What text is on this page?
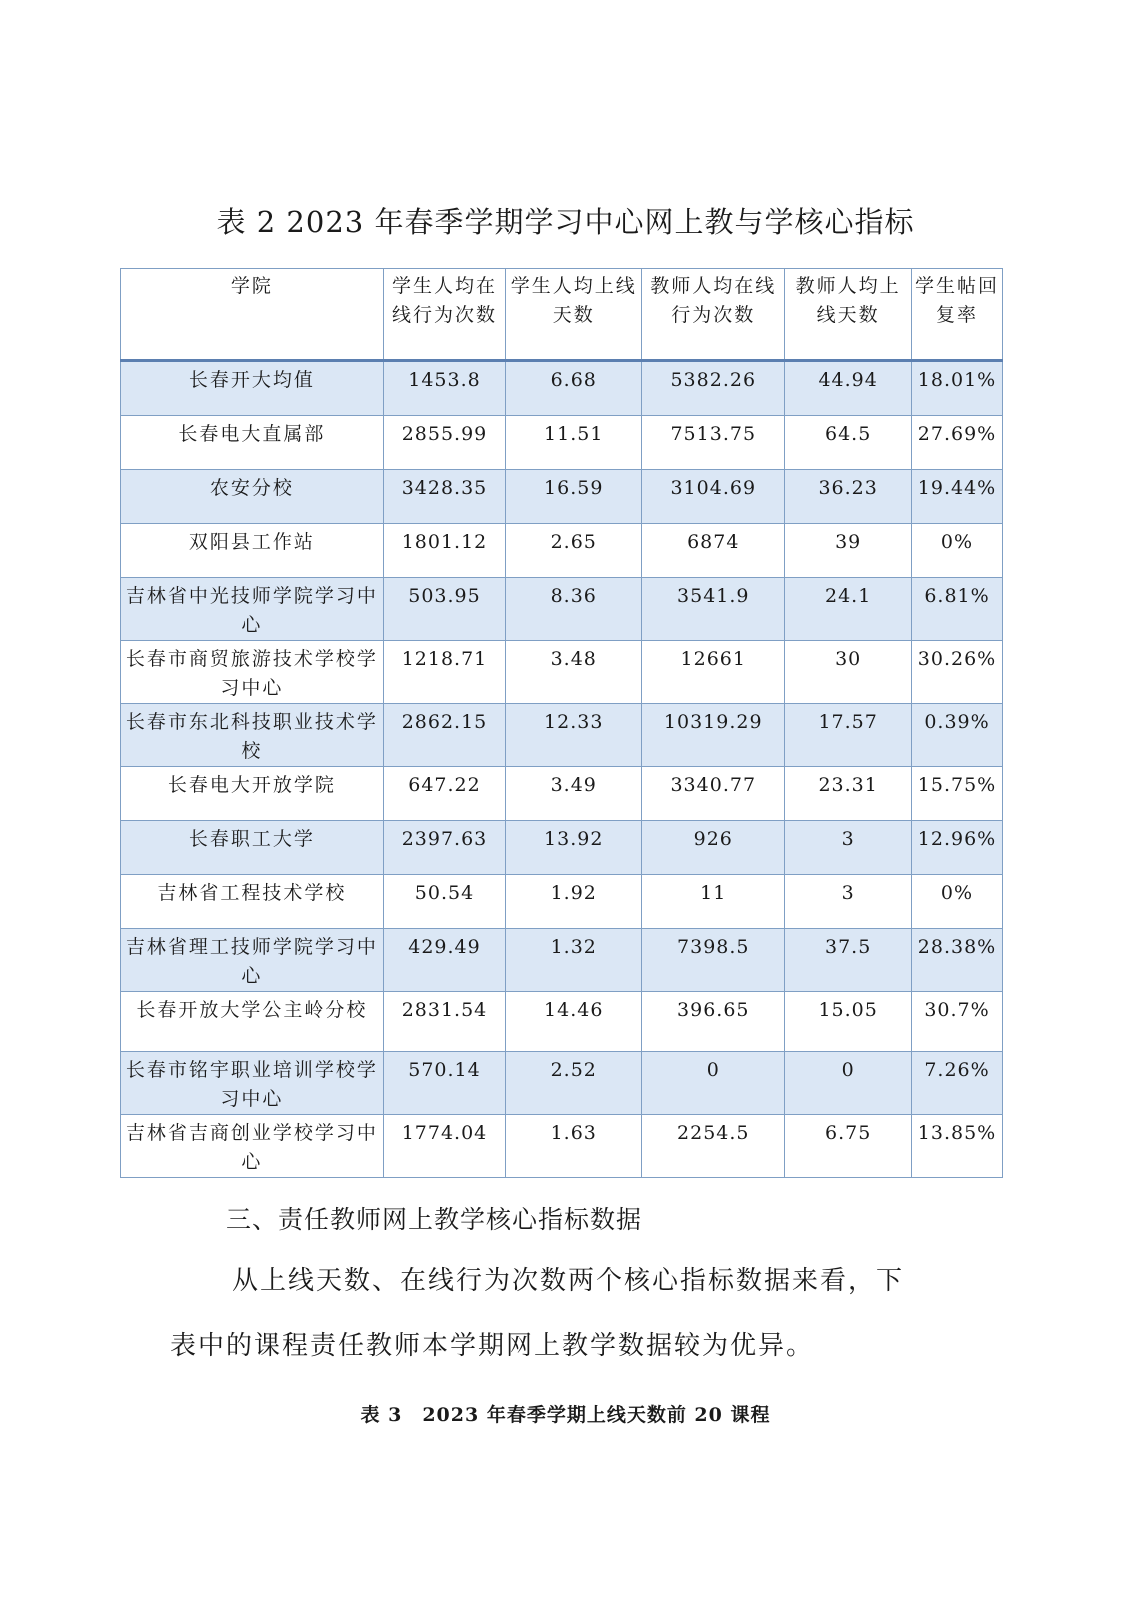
表 2 2023 年春季学期学习中心网上教与学核心指标
学院	学生人均在线行为次数	学生人均上线天数	教师人均在线行为次数	教师人均上线天数	学生帖回复率
长春开大均值	1453.8	6.68	5382.26	44.94	18.01%
长春电大直属部	2855.99	11.51	7513.75	64.5	27.69%
农安分校	3428.35	16.59	3104.69	36.23	19.44%
双阳县工作站	1801.12	2.65	6874	39	0%
吉林省中光技师学院学习中心	503.95	8.36	3541.9	24.1	6.81%
长春市商贸旅游技术学校学习中心	1218.71	3.48	12661	30	30.26%
长春市东北科技职业技术学校	2862.15	12.33	10319.29	17.57	0.39%
长春电大开放学院	647.22	3.49	3340.77	23.31	15.75%
长春职工大学	2397.63	13.92	926	3	12.96%
吉林省工程技术学校	50.54	1.92	11	3	0%
吉林省理工技师学院学习中心	429.49	1.32	7398.5	37.5	28.38%
长春开放大学公主岭分校	2831.54	14.46	396.65	15.05	30.7%
长春市铭宇职业培训学校学习中心	570.14	2.52	0	0	7.26%
吉林省吉商创业学校学习中心	1774.04	1.63	2254.5	6.75	13.85%
三、责任教师网上教学核心指标数据
从上线天数、在线行为次数两个核心指标数据来看，下
表中的课程责任教师本学期网上教学数据较为优异。
表 3　2023 年春季学期上线天数前 20 课程
